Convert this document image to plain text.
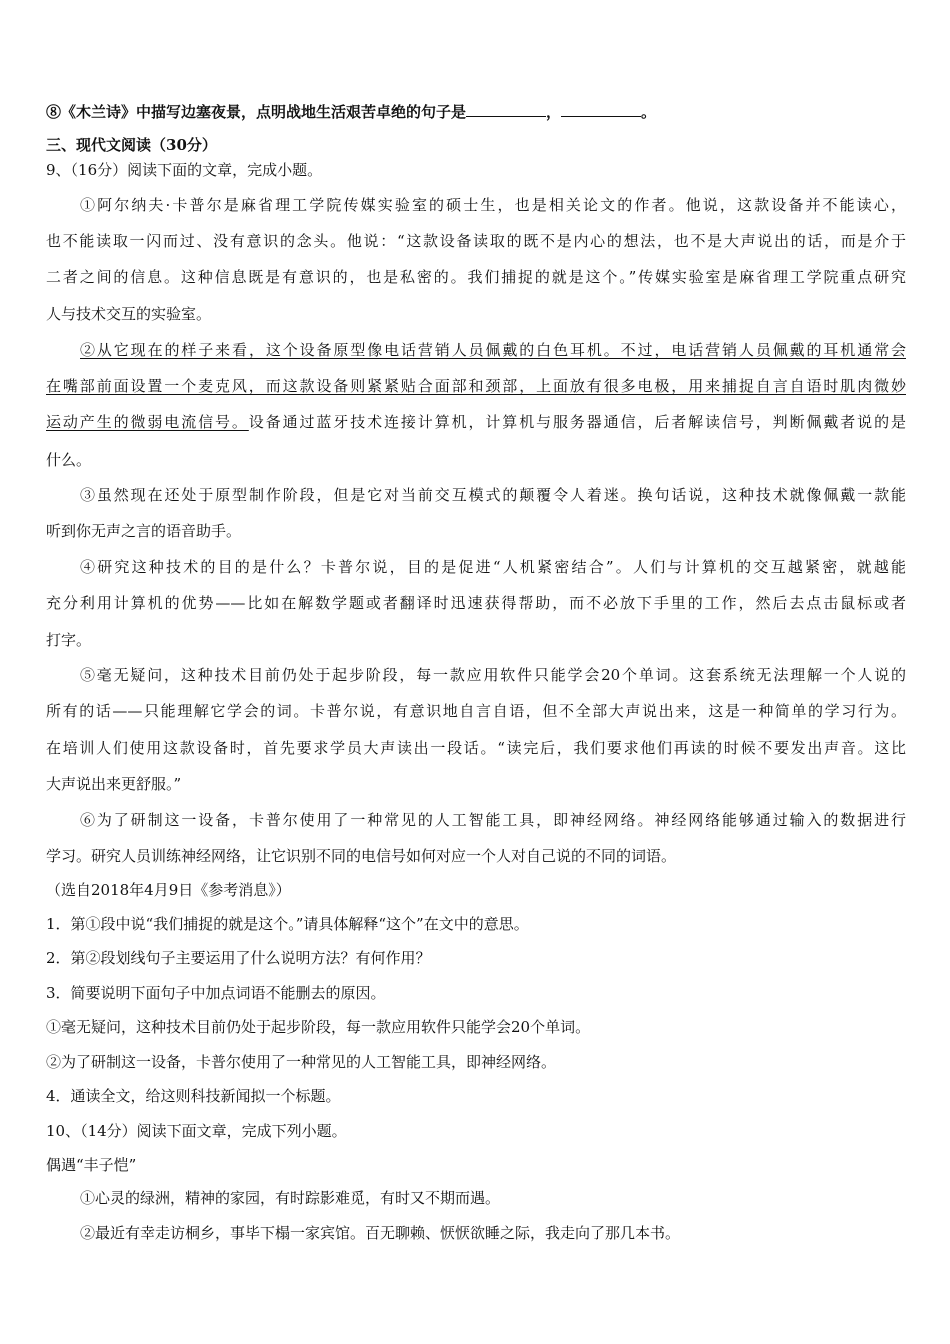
⑧《木兰诗》中描写边塞夜景，点明战地生活艰苦卓绝的句子是	，	。
三、现代文阅读（30分）
9、（16分）阅读下面的文章，完成小题。
①阿尔纳夫·卡普尔是麻省理工学院传媒实验室的硕士生，也是相关论文的作者。他说，这款设备并不能读心，
也不能读取一闪而过、没有意识的念头。他说：“这款设备读取的既不是内心的想法，也不是大声说出的话，而是介于
二者之间的信息。这种信息既是有意识的，也是私密的。我们捕捉的就是这个。”传媒实验室是麻省理工学院重点研究
人与技术交互的实验室。
②从它现在的样子来看，这个设备原型像电话营销人员佩戴的白色耳机。不过，电话营销人员佩戴的耳机通常会
在嘴部前面设置一个麦克风，而这款设备则紧紧贴合面部和颈部，上面放有很多电极，用来捕捉自言自语时肌肉微妙
运动产生的微弱电流信号。设备通过蓝牙技术连接计算机，计算机与服务器通信，后者解读信号，判断佩戴者说的是
什么。
③虽然现在还处于原型制作阶段，但是它对当前交互模式的颠覆令人着迷。换句话说，这种技术就像佩戴一款能
听到你无声之言的语音助手。
④研究这种技术的目的是什么？卡普尔说，目的是促进“人机紧密结合”。人们与计算机的交互越紧密，就越能
充分利用计算机的优势——比如在解数学题或者翻译时迅速获得帮助，而不必放下手里的工作，然后去点击鼠标或者
打字。
⑤毫无疑问，这种技术目前仍处于起步阶段，每一款应用软件只能学会20个单词。这套系统无法理解一个人说的
所有的话——只能理解它学会的词。卡普尔说，有意识地自言自语，但不全部大声说出来，这是一种简单的学习行为。
在培训人们使用这款设备时，首先要求学员大声读出一段话。“读完后，我们要求他们再读的时候不要发出声音。这比
大声说出来更舒服。”
⑥为了研制这一设备，卡普尔使用了一种常见的人工智能工具，即神经网络。神经网络能够通过输入的数据进行
学习。研究人员训练神经网络，让它识别不同的电信号如何对应一个人对自己说的不同的词语。
（选自2018年4月9日《参考消息》）
1．第①段中说“我们捕捉的就是这个。”请具体解释“这个”在文中的意思。
2．第②段划线句子主要运用了什么说明方法？有何作用？
3．简要说明下面句子中加点词语不能删去的原因。
①毫无疑问，这种技术目前仍处于起步阶段，每一款应用软件只能学会20个单词。
②为了研制这一设备，卡普尔使用了一种常见的人工智能工具，即神经网络。
4．通读全文，给这则科技新闻拟一个标题。
10、（14分）阅读下面文章，完成下列小题。
偶遇“丰子恺”
①心灵的绿洲，精神的家园，有时踪影难觅，有时又不期而遇。
②最近有幸走访桐乡，事毕下榻一家宾馆。百无聊赖、恹恹欲睡之际，我走向了那几本书。
